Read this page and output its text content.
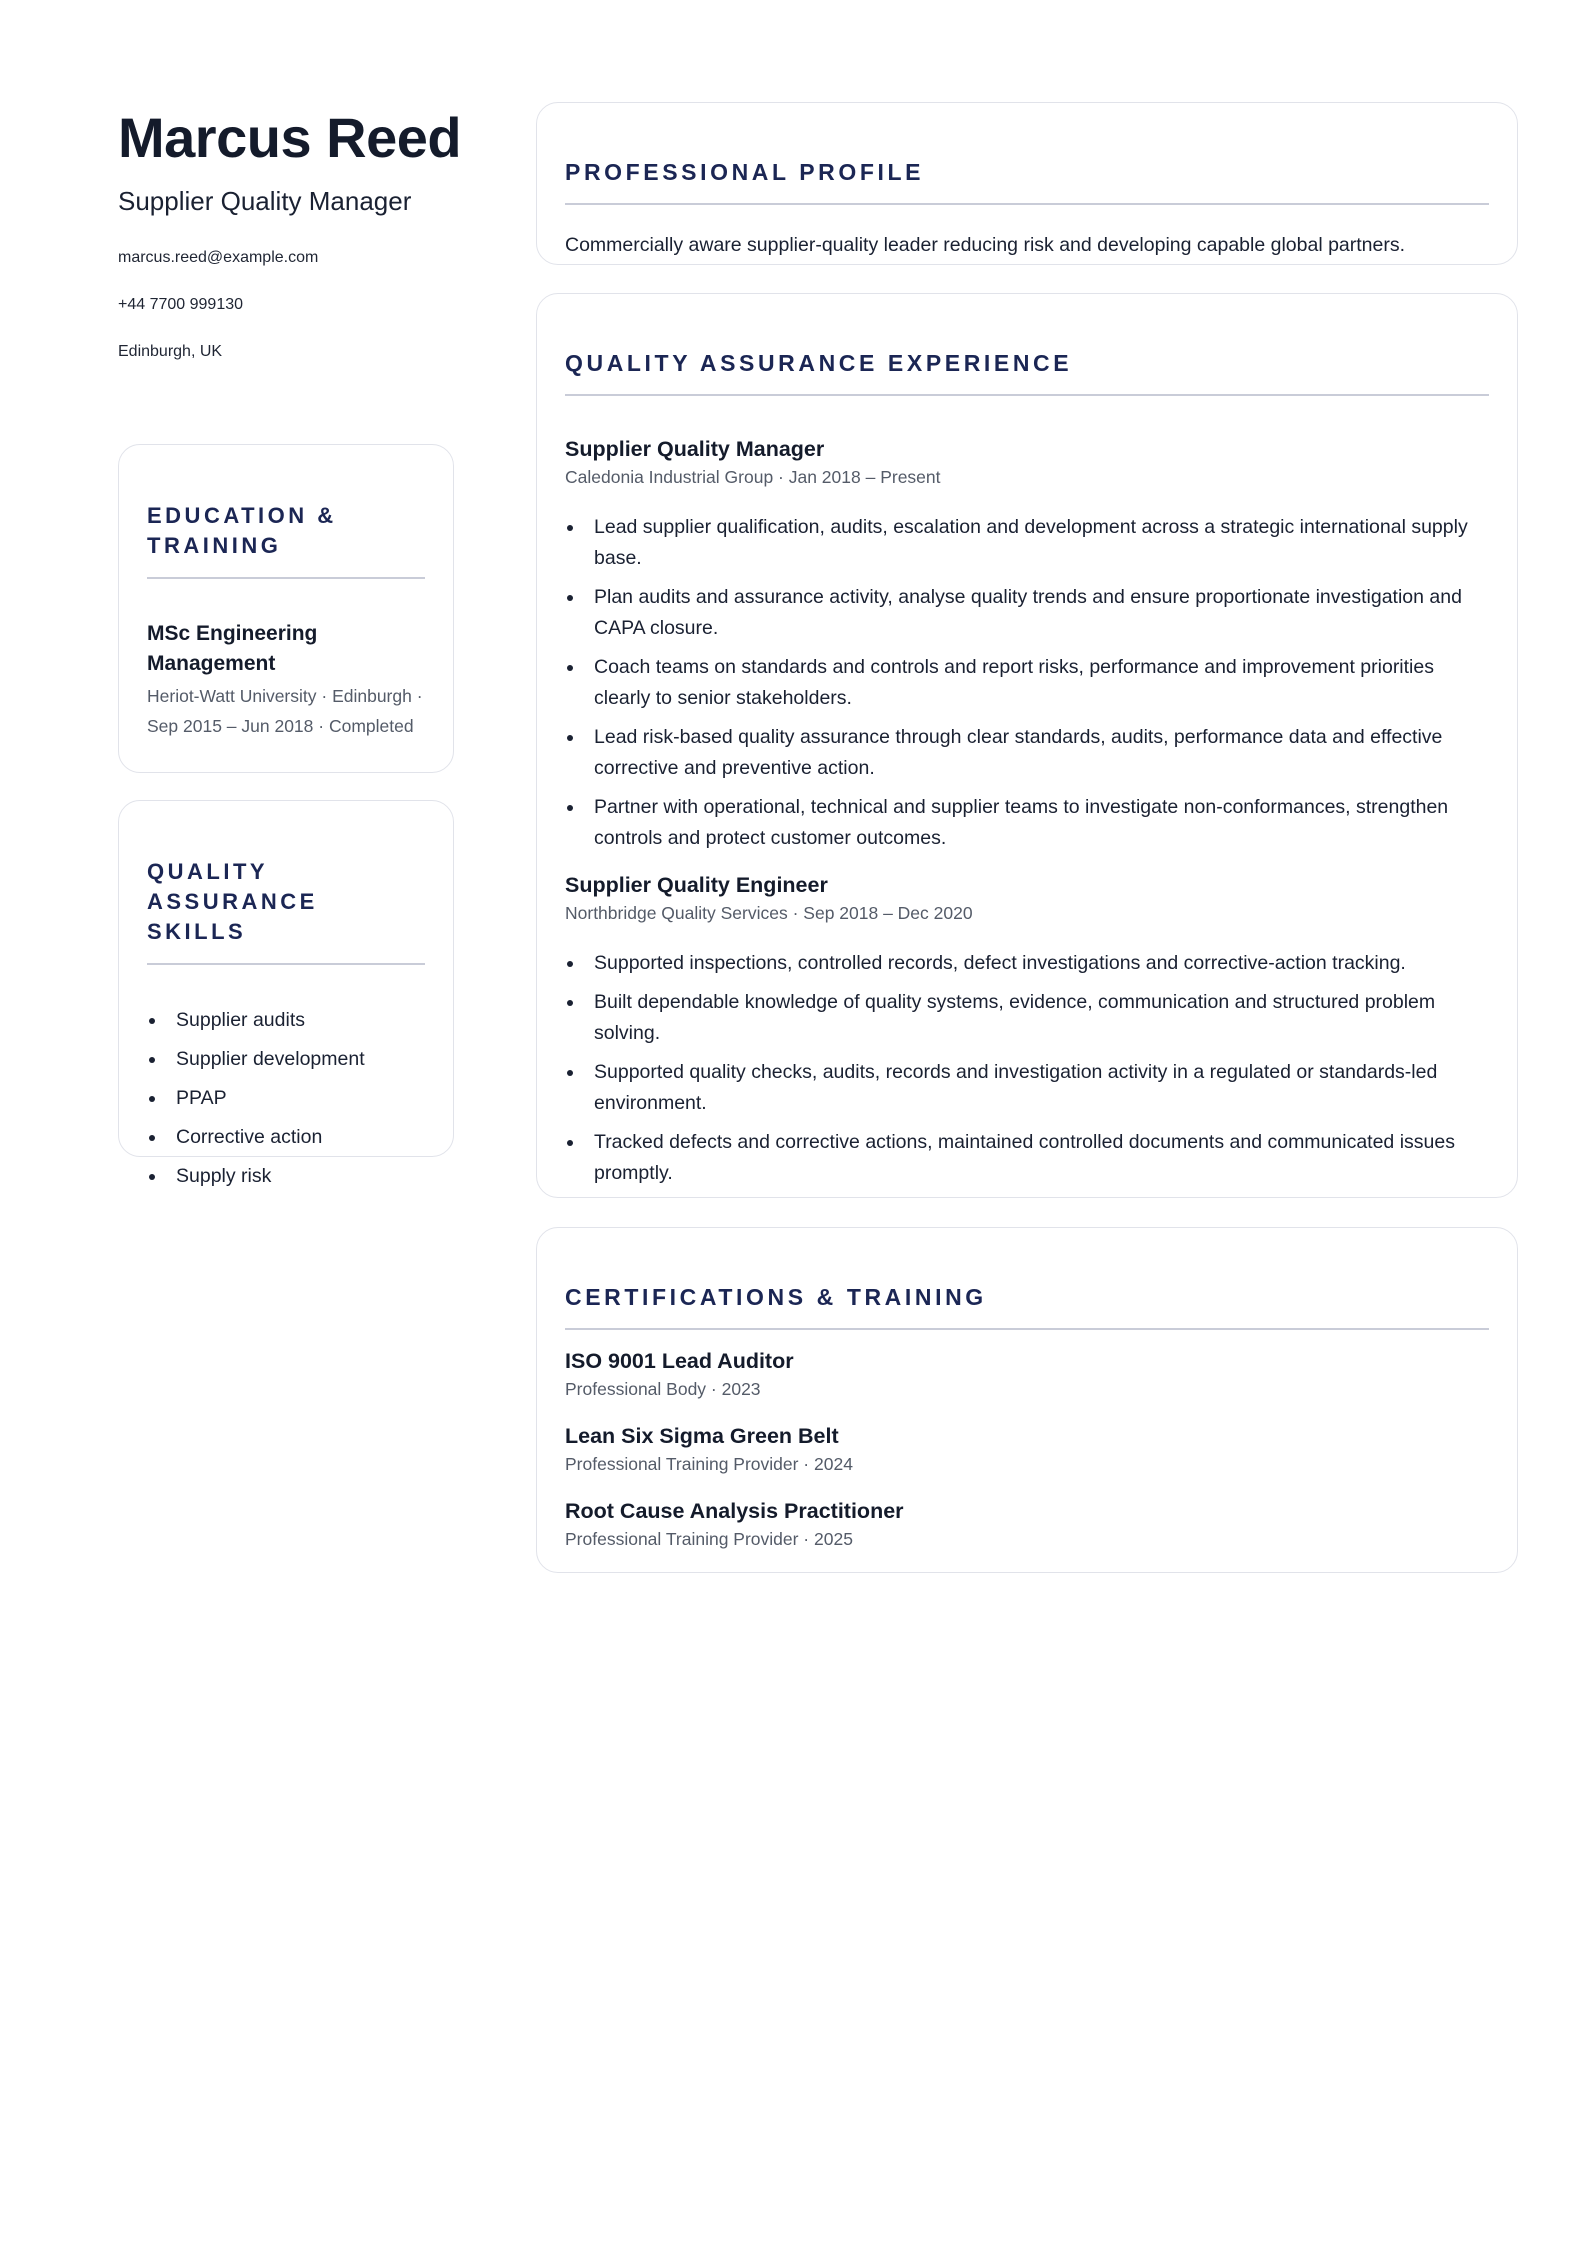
Marcus Reed
Supplier Quality Manager
marcus.reed@example.com
+44 7700 999130
Edinburgh, UK
EDUCATION & TRAINING
MSc Engineering Management
Heriot-Watt University · Edinburgh · Sep 2015 – Jun 2018 · Completed
QUALITY ASSURANCE SKILLS
Supplier audits
Supplier development
PPAP
Corrective action
Supply risk
PROFESSIONAL PROFILE
Commercially aware supplier-quality leader reducing risk and developing capable global partners.
QUALITY ASSURANCE EXPERIENCE
Supplier Quality Manager
Caledonia Industrial Group · Jan 2018 – Present
Lead supplier qualification, audits, escalation and development across a strategic international supply base.
Plan audits and assurance activity, analyse quality trends and ensure proportionate investigation and CAPA closure.
Coach teams on standards and controls and report risks, performance and improvement priorities clearly to senior stakeholders.
Lead risk-based quality assurance through clear standards, audits, performance data and effective corrective and preventive action.
Partner with operational, technical and supplier teams to investigate non-conformances, strengthen controls and protect customer outcomes.
Supplier Quality Engineer
Northbridge Quality Services · Sep 2018 – Dec 2020
Supported inspections, controlled records, defect investigations and corrective-action tracking.
Built dependable knowledge of quality systems, evidence, communication and structured problem solving.
Supported quality checks, audits, records and investigation activity in a regulated or standards-led environment.
Tracked defects and corrective actions, maintained controlled documents and communicated issues promptly.
CERTIFICATIONS & TRAINING
ISO 9001 Lead Auditor
Professional Body · 2023
Lean Six Sigma Green Belt
Professional Training Provider · 2024
Root Cause Analysis Practitioner
Professional Training Provider · 2025
